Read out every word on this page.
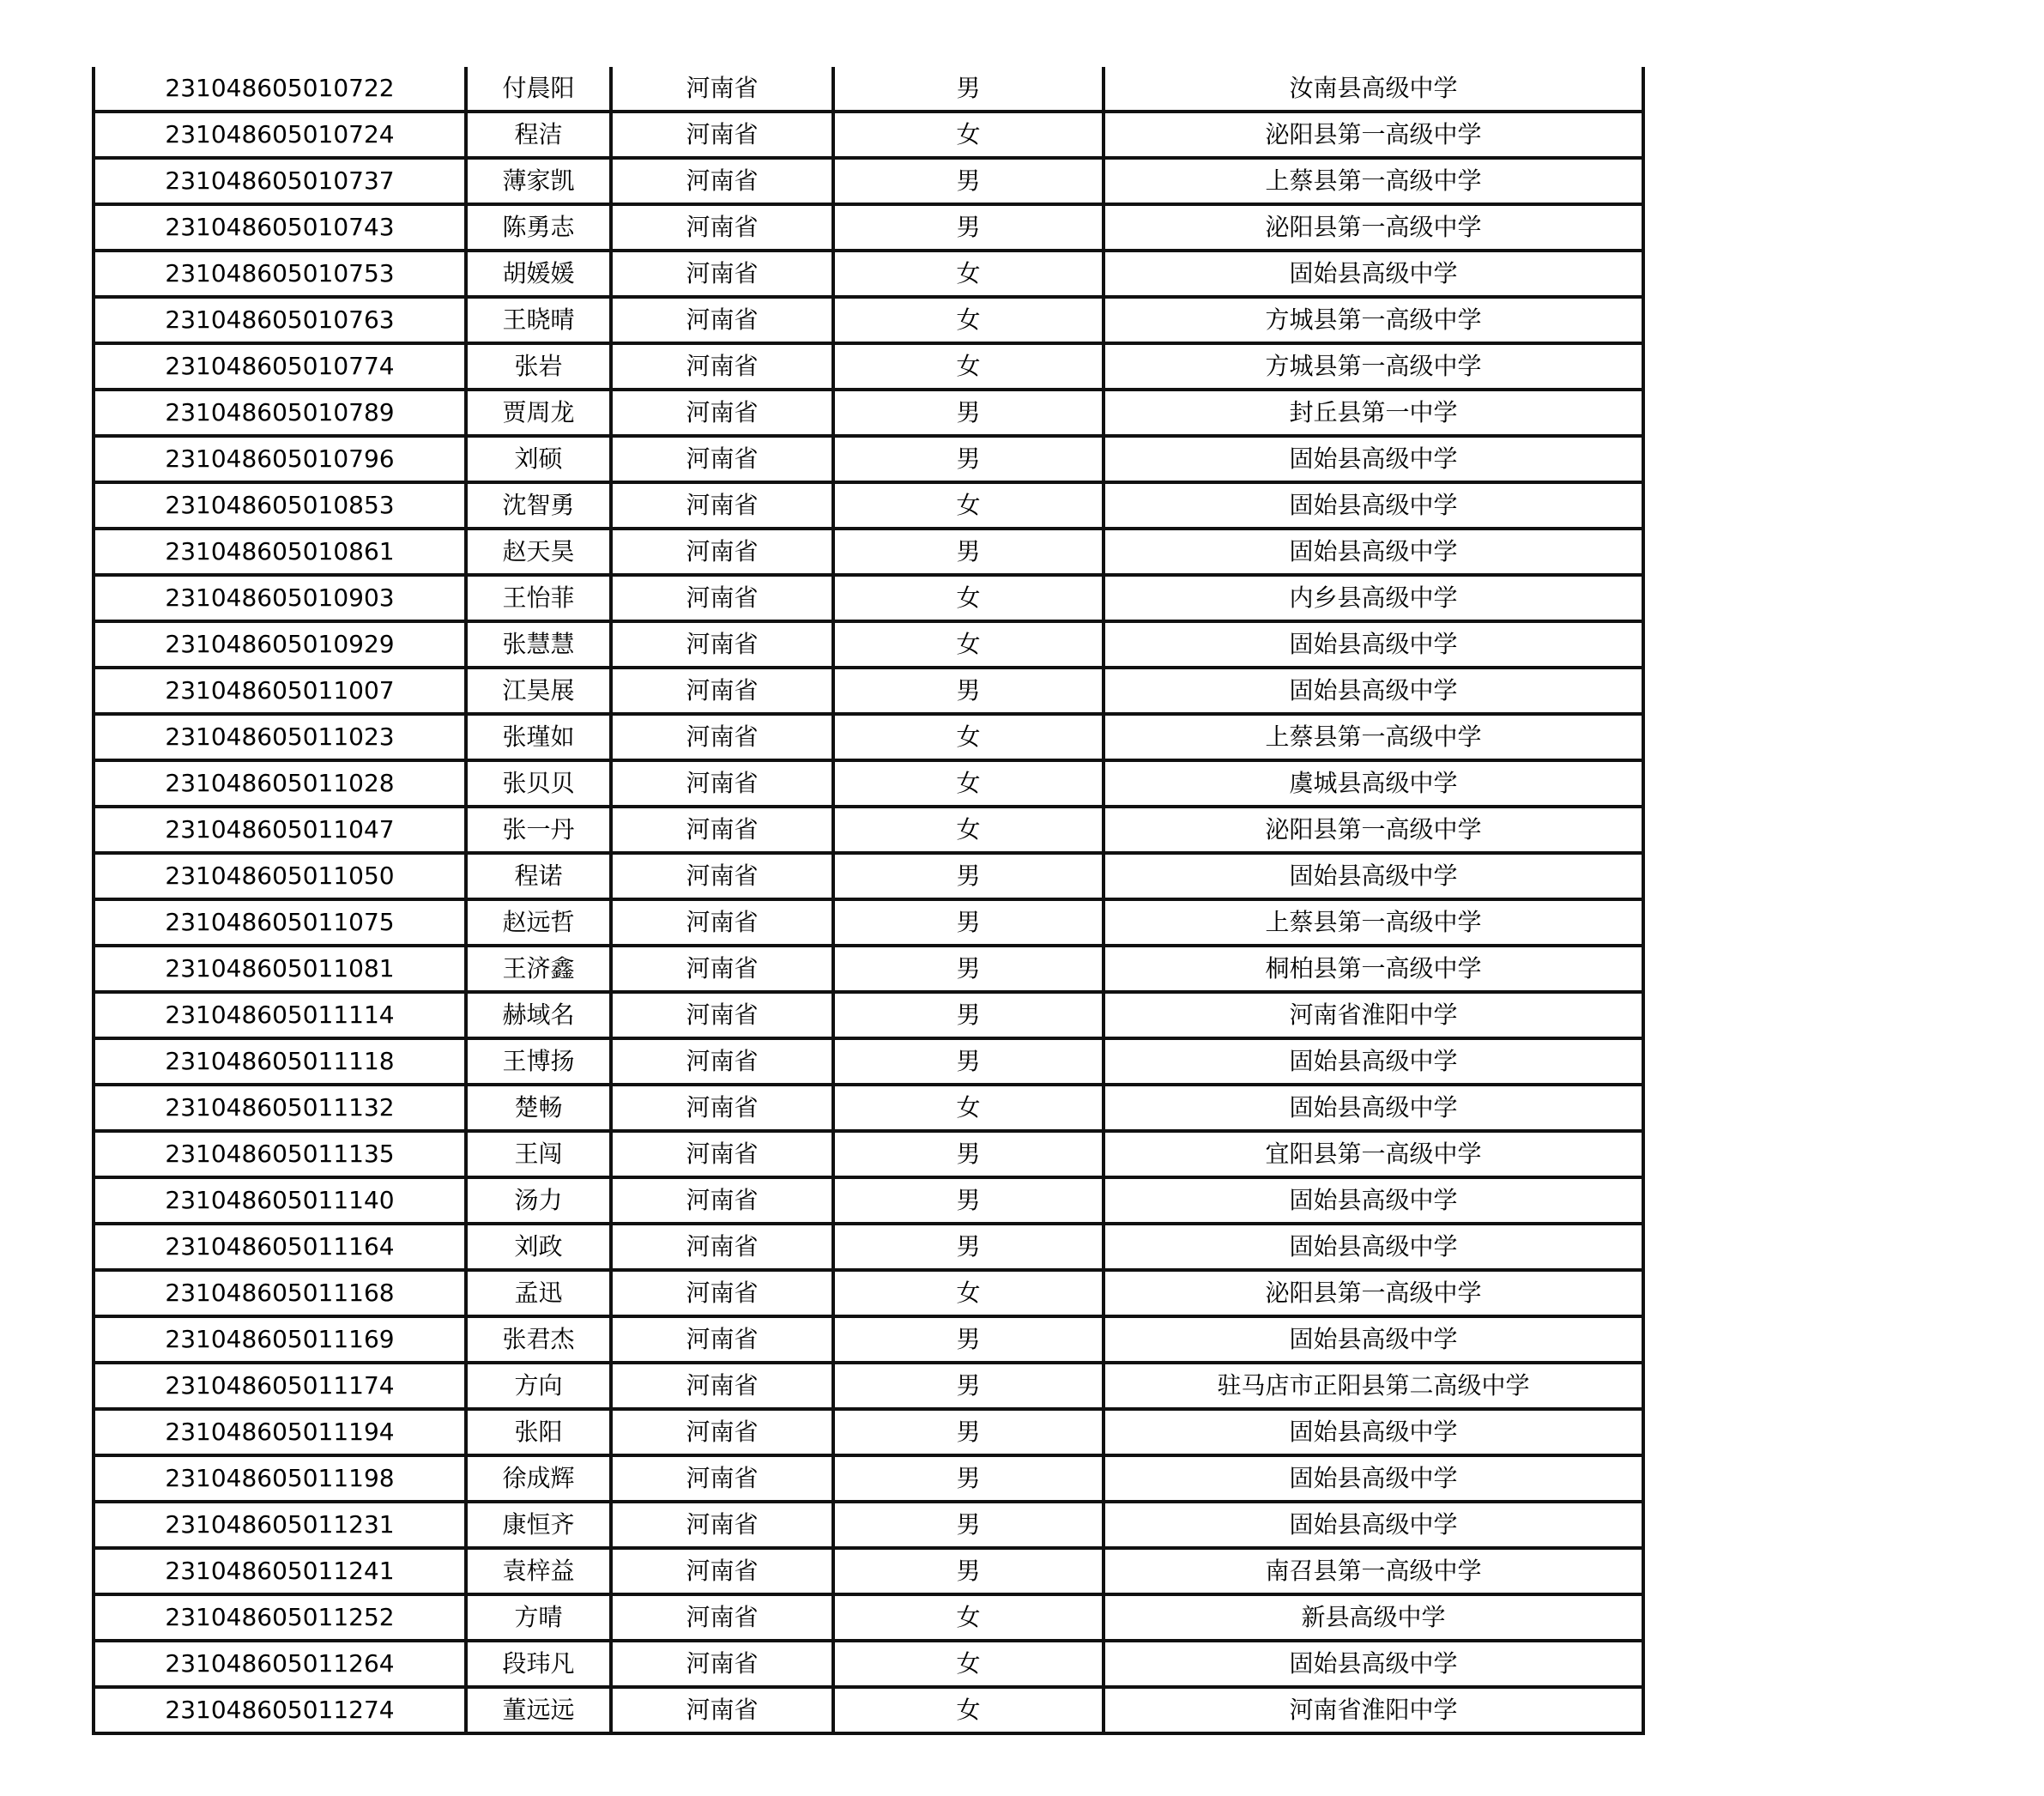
231048605010722	付晨阳	河南省	男	汝南县高级中学
231048605010724	程洁	河南省	女	泌阳县第一高级中学
231048605010737	薄家凯	河南省	男	上蔡县第一高级中学
231048605010743	陈勇志	河南省	男	泌阳县第一高级中学
231048605010753	胡媛媛	河南省	女	固始县高级中学
231048605010763	王晓晴	河南省	女	方城县第一高级中学
231048605010774	张岩	河南省	女	方城县第一高级中学
231048605010789	贾周龙	河南省	男	封丘县第一中学
231048605010796	刘硕	河南省	男	固始县高级中学
231048605010853	沈智勇	河南省	女	固始县高级中学
231048605010861	赵天昊	河南省	男	固始县高级中学
231048605010903	王怡菲	河南省	女	内乡县高级中学
231048605010929	张慧慧	河南省	女	固始县高级中学
231048605011007	江昊展	河南省	男	固始县高级中学
231048605011023	张瑾如	河南省	女	上蔡县第一高级中学
231048605011028	张贝贝	河南省	女	虞城县高级中学
231048605011047	张一丹	河南省	女	泌阳县第一高级中学
231048605011050	程诺	河南省	男	固始县高级中学
231048605011075	赵远哲	河南省	男	上蔡县第一高级中学
231048605011081	王济鑫	河南省	男	桐柏县第一高级中学
231048605011114	赫域名	河南省	男	河南省淮阳中学
231048605011118	王博扬	河南省	男	固始县高级中学
231048605011132	楚畅	河南省	女	固始县高级中学
231048605011135	王闯	河南省	男	宜阳县第一高级中学
231048605011140	汤力	河南省	男	固始县高级中学
231048605011164	刘政	河南省	男	固始县高级中学
231048605011168	孟迅	河南省	女	泌阳县第一高级中学
231048605011169	张君杰	河南省	男	固始县高级中学
231048605011174	方向	河南省	男	驻马店市正阳县第二高级中学
231048605011194	张阳	河南省	男	固始县高级中学
231048605011198	徐成辉	河南省	男	固始县高级中学
231048605011231	康恒齐	河南省	男	固始县高级中学
231048605011241	袁梓益	河南省	男	南召县第一高级中学
231048605011252	方晴	河南省	女	新县高级中学
231048605011264	段玮凡	河南省	女	固始县高级中学
231048605011274	董远远	河南省	女	河南省淮阳中学
